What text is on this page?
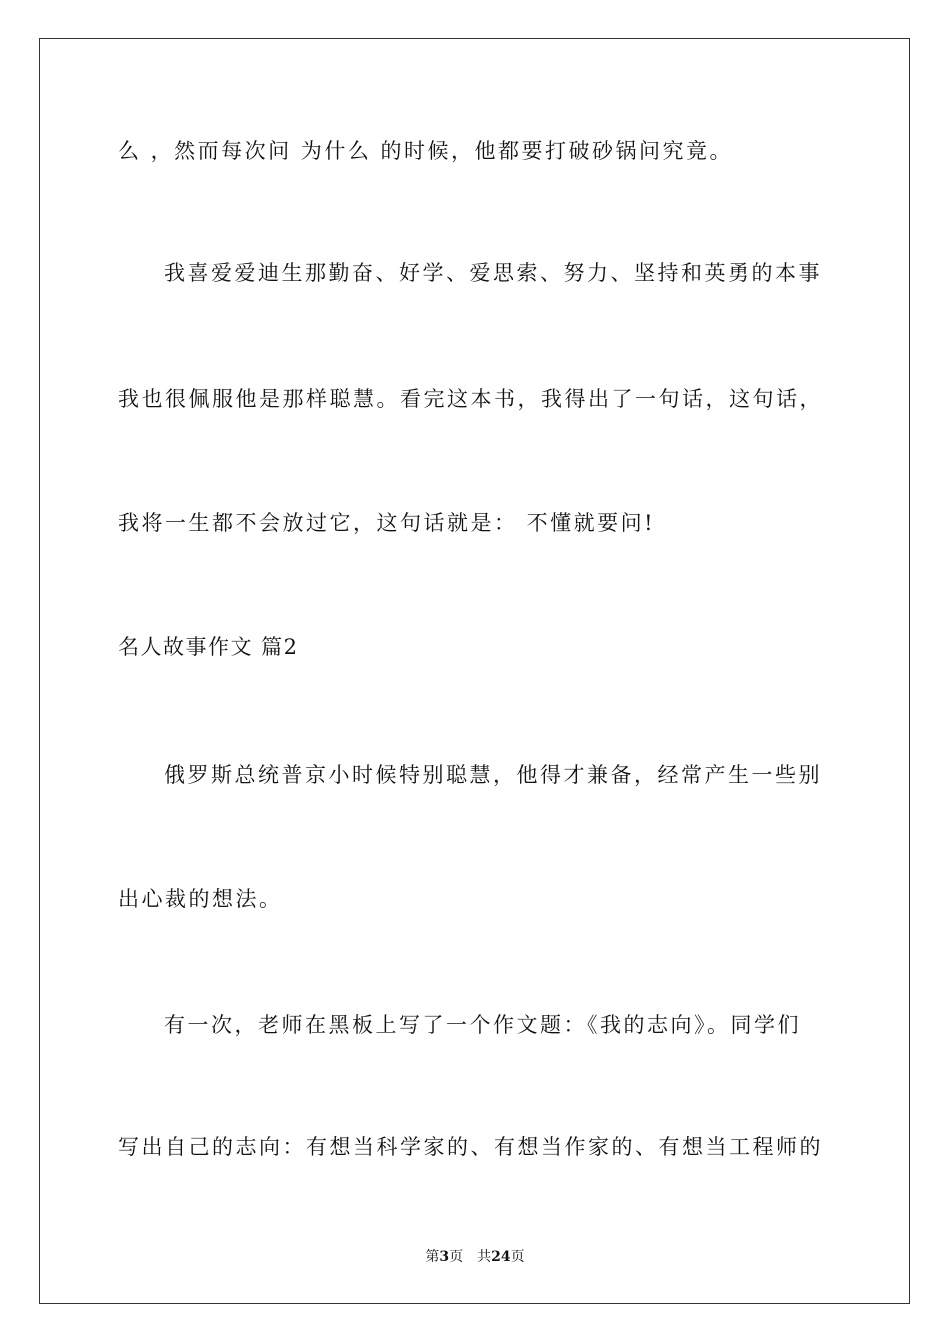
么 ，然而每次问 为什么 的时候，他都要打破砂锅问究竟。
我喜爱爱迪生那勤奋、好学、爱思索、努力、坚持和英勇的本事
我也很佩服他是那样聪慧。看完这本书，我得出了一句话，这句话，
我将一生都不会放过它，这句话就是： 不懂就要问!
名人故事作文 篇2
俄罗斯总统普京小时候特别聪慧，他得才兼备，经常产生一些别
出心裁的想法。
有一次，老师在黑板上写了一个作文题：《我的志向》。同学们
写出自己的志向：有想当科学家的、有想当作家的、有想当工程师的
第3页 共24页
